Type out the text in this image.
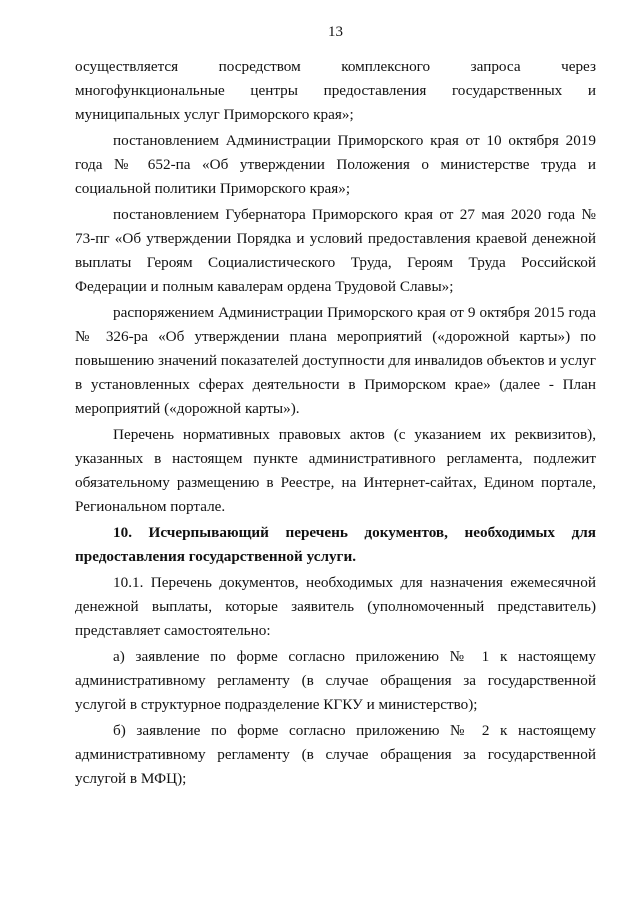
13

осуществляется посредством комплексного запроса через многофункциональные центры предоставления государственных и муниципальных услуг Приморского края»;

постановлением Администрации Приморского края от 10 октября 2019 года № 652-па «Об утверждении Положения о министерстве труда и социальной политики Приморского края»;

постановлением Губернатора Приморского края от 27 мая 2020 года № 73-пг «Об утверждении Порядка и условий предоставления краевой денежной выплаты Героям Социалистического Труда, Героям Труда Российской Федерации и полным кавалерам ордена Трудовой Славы»;

распоряжением Администрации Приморского края от 9 октября 2015 года № 326-ра «Об утверждении плана мероприятий («дорожной карты») по повышению значений показателей доступности для инвалидов объектов и услуг в установленных сферах деятельности в Приморском крае» (далее - План мероприятий («дорожной карты»).

Перечень нормативных правовых актов (с указанием их реквизитов), указанных в настоящем пункте административного регламента, подлежит обязательному размещению в Реестре, на Интернет-сайтах, Едином портале, Региональном портале.

10. Исчерпывающий перечень документов, необходимых для предоставления государственной услуги.

10.1. Перечень документов, необходимых для назначения ежемесячной денежной выплаты, которые заявитель (уполномоченный представитель) представляет самостоятельно:

а) заявление по форме согласно приложению № 1 к настоящему административному регламенту (в случае обращения за государственной услугой в структурное подразделение КГКУ и министерство);

б) заявление по форме согласно приложению № 2 к настоящему административному регламенту (в случае обращения за государственной услугой в МФЦ);
